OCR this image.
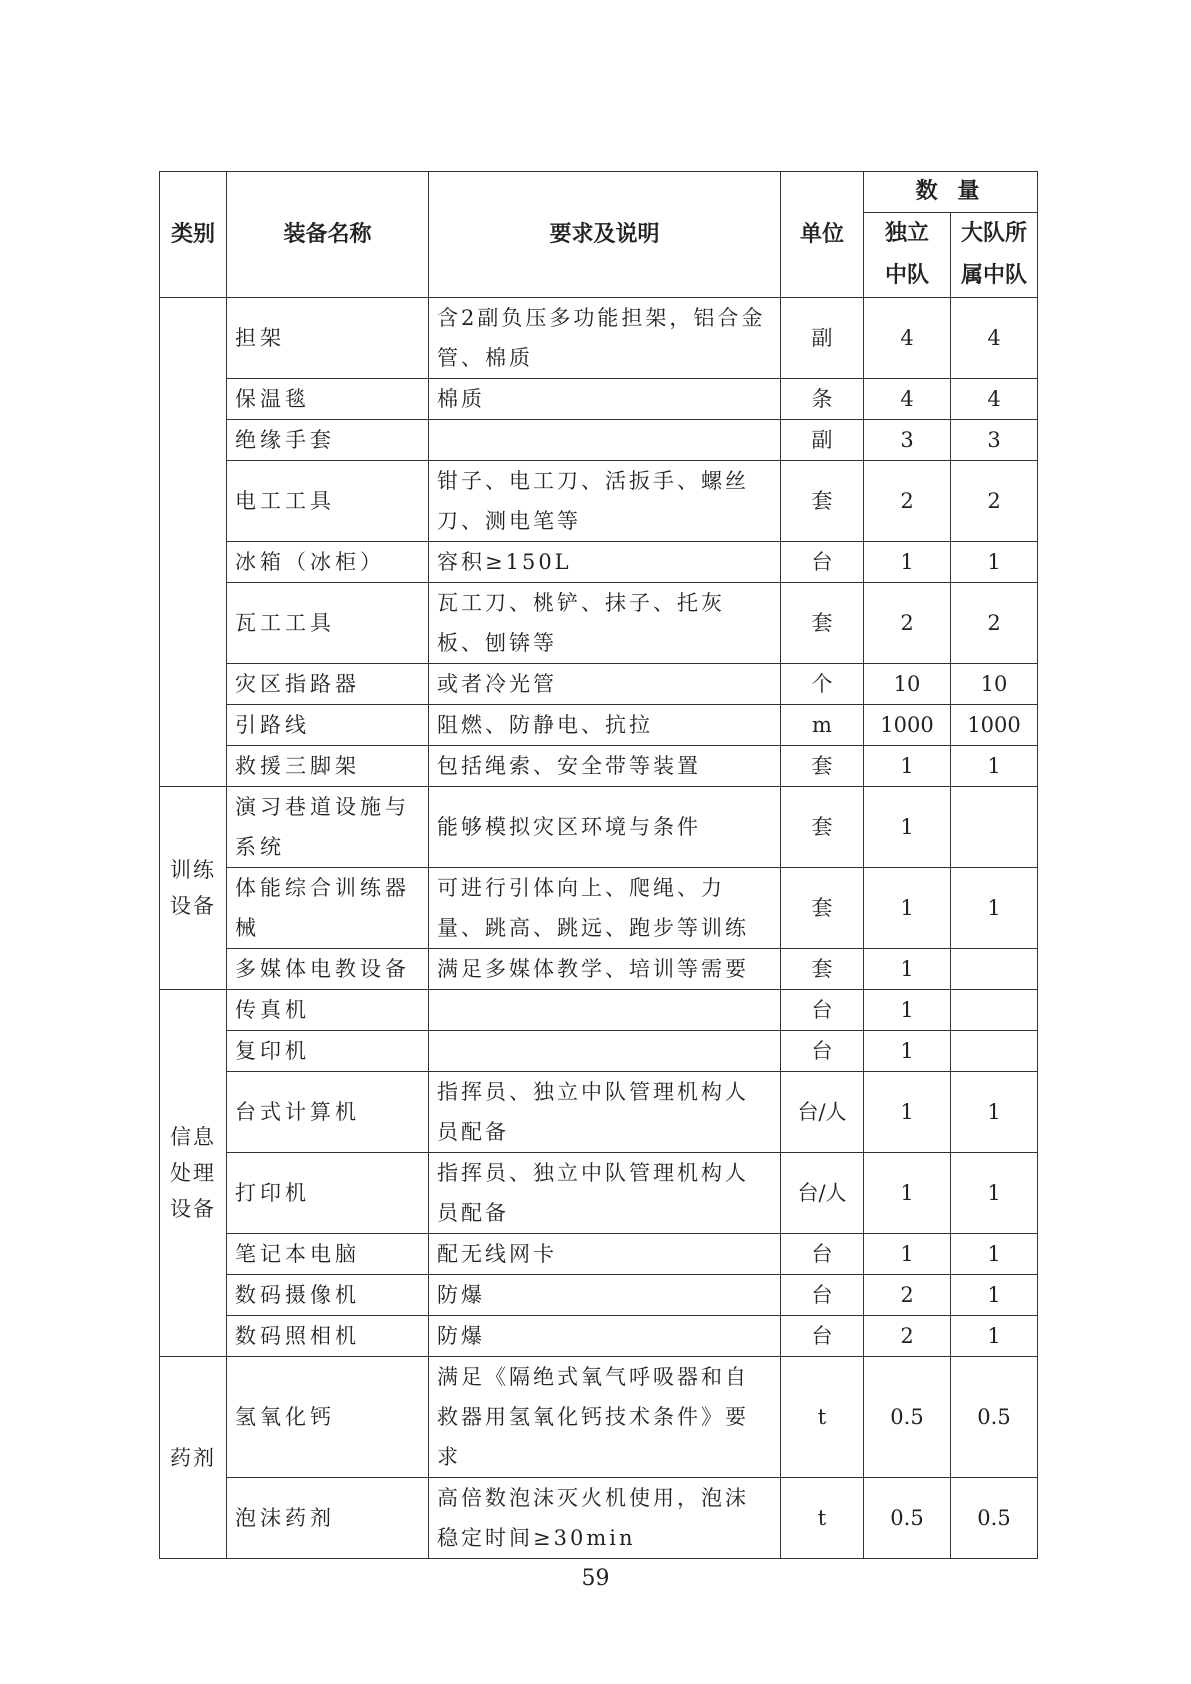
类别	装备名称	要求及说明	单位	数 量	
				独立中队	大队所属中队
	担架	含2副负压多功能担架，铝合金管、棉质	副	4	4
	保温毯	棉质	条	4	4
	绝缘手套		副	3	3
	电工工具	钳子、电工刀、活扳手、螺丝刀、测电笔等	套	2	2
	冰箱（冰柜）	容积≥150L	台	1	1
	瓦工工具	瓦工刀、桃铲、抹子、托灰板、刨锛等	套	2	2
	灾区指路器	或者冷光管	个	10	10
	引路线	阻燃、防静电、抗拉	m	1000	1000
	救援三脚架	包括绳索、安全带等装置	套	1	1
训练设备	演习巷道设施与系统	能够模拟灾区环境与条件	套	1	
	体能综合训练器械	可进行引体向上、爬绳、力量、跳高、跳远、跑步等训练	套	1	1
	多媒体电教设备	满足多媒体教学、培训等需要	套	1	
信息处理设备	传真机		台	1	
	复印机		台	1	
	台式计算机	指挥员、独立中队管理机构人员配备	台/人	1	1
	打印机	指挥员、独立中队管理机构人员配备	台/人	1	1
	笔记本电脑	配无线网卡	台	1	1
	数码摄像机	防爆	台	2	1
	数码照相机	防爆	台	2	1
药剂	氢氧化钙	满足《隔绝式氧气呼吸器和自救器用氢氧化钙技术条件》要求	t	0.5	0.5
	泡沫药剂	高倍数泡沫灭火机使用，泡沫稳定时间≥30min	t	0.5	0.5
59
